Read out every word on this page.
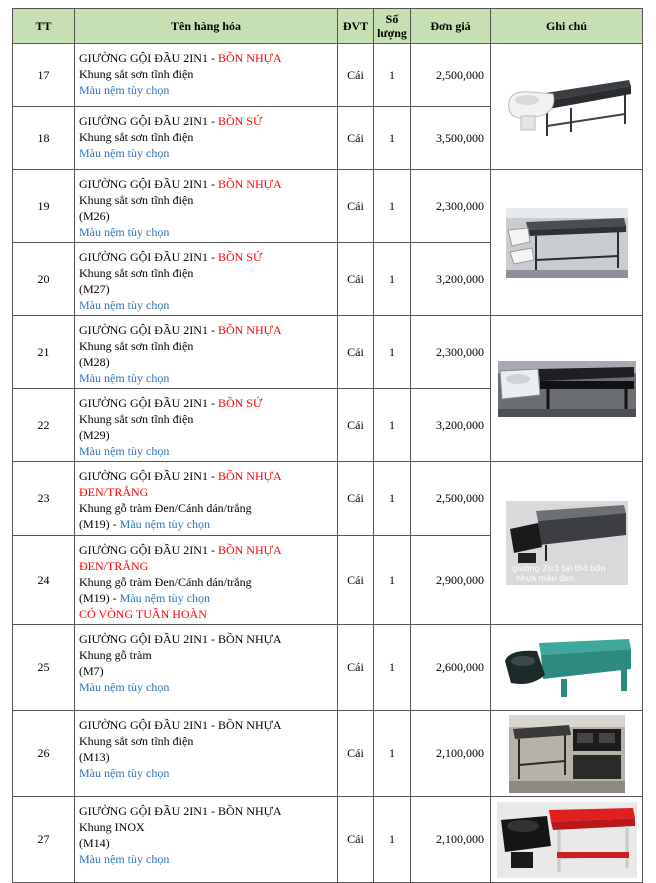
TT	Tên hàng hóa	ĐVT	Số lượng	Đơn giá	Ghi chú
17	GIƯỜNG GỘI ĐẦU 2IN1 - BỒN NHỰA
Khung sắt sơn tĩnh điện
Màu nệm tùy chọn	Cái	1	2,500,000	
18	GIƯỜNG GỘI ĐẦU 2IN1 - BỒN SỨ
Khung sắt sơn tĩnh điện
Màu nệm tùy chọn	Cái	1	3,500,000	
19	GIƯỜNG GỘI ĐẦU 2IN1 - BỒN NHỰA
Khung sắt sơn tĩnh điện
(M26)
Màu nệm tùy chọn	Cái	1	2,300,000	
20	GIƯỜNG GỘI ĐẦU 2IN1 - BỒN SỨ
Khung sắt sơn tĩnh điện
(M27)
Màu nệm tùy chọn	Cái	1	3,200,000	
21	GIƯỜNG GỘI ĐẦU 2IN1 - BỒN NHỰA
Khung sắt sơn tĩnh điện
(M28)
Màu nệm tùy chọn	Cái	1	2,300,000	
22	GIƯỜNG GỘI ĐẦU 2IN1 - BỒN SỨ
Khung sắt sơn tĩnh điện
(M29)
Màu nệm tùy chọn	Cái	1	3,200,000	
23	GIƯỜNG GỘI ĐẦU 2IN1 - BỒN NHỰA
ĐEN/TRẮNG
Khung gỗ tràm Đen/Cánh dán/trắng
(M19) - Màu nệm tùy chọn	Cái	1	2,500,000	giường 2in1 tại thô bồn
nhựa màu đen

24	GIƯỜNG GỘI ĐẦU 2IN1 - BỒN NHỰA
ĐEN/TRẮNG
Khung gỗ tràm Đen/Cánh dán/trắng
(M19) - Màu nệm tùy chọn
CÓ VÒNG TUẦN HOÀN	Cái	1	2,900,000	
25	GIƯỜNG GỘI ĐẦU 2IN1 - BỒN NHỰA
Khung gỗ tràm
(M7)
Màu nệm tùy chọn	Cái	1	2,600,000	
26	GIƯỜNG GỘI ĐẦU 2IN1 - BỒN NHỰA
Khung sắt sơn tĩnh điện
(M13)
Màu nệm tùy chọn	Cái	1	2,100,000	
27	GIƯỜNG GỘI ĐẦU 2IN1 - BỒN NHỰA
Khung INOX
(M14)
Màu nệm tùy chọn	Cái	1	2,100,000	
